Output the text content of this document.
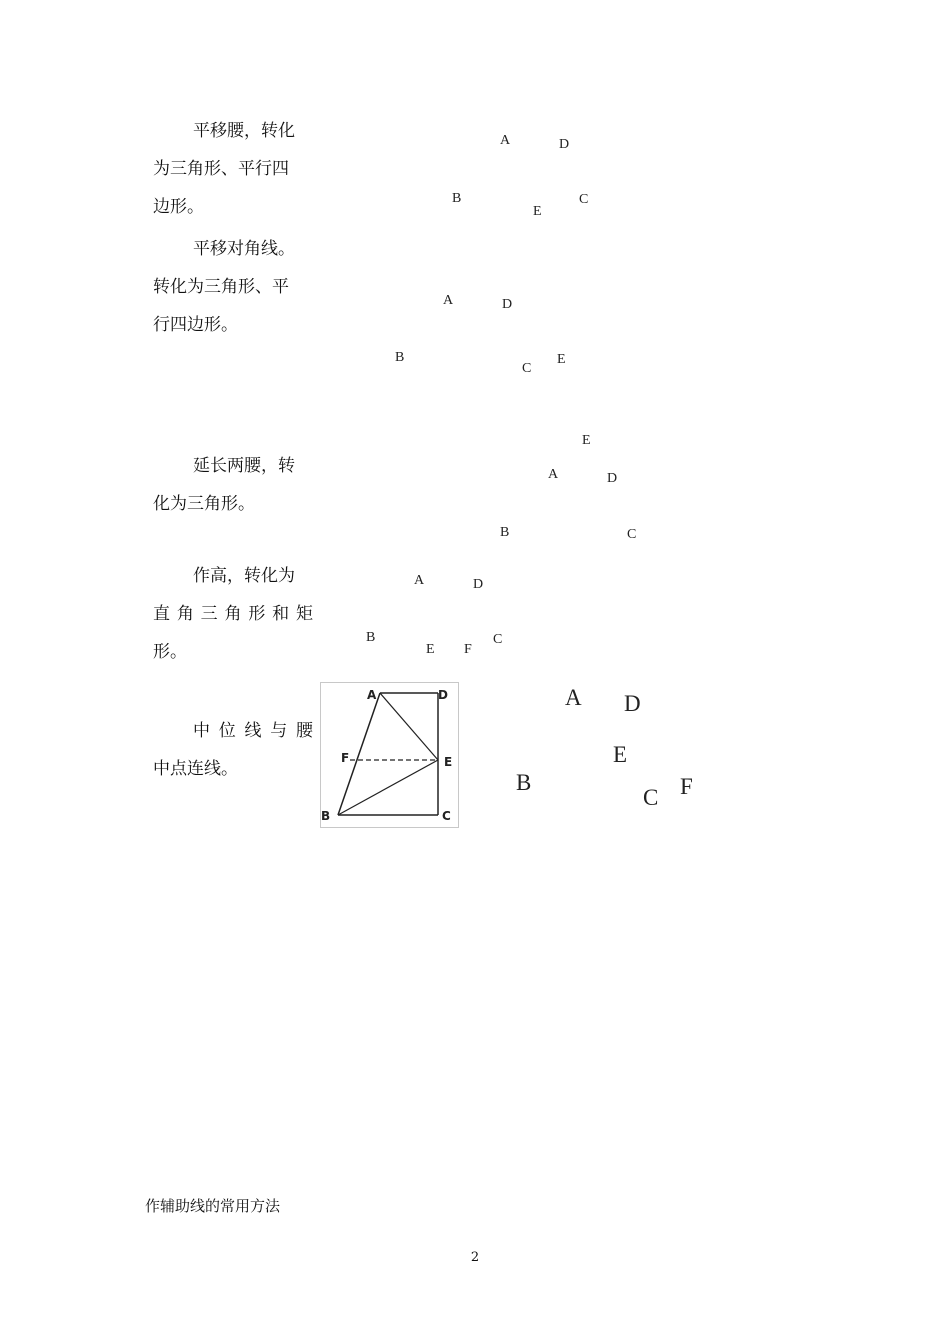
平移腰，转化
为三角形、平行四
边形。
A	D
B
E
C
平移对角线。
转化为三角形、平
行四边形。
A	D
B
C
E
延长两腰，转
化为三角形。
E
A	D
B	C
作高，转化为
直角三角形和矩
形。
A	D
B
E F
C
中位线与腰
中点连线。
A	D
F	E
B	C
A D
E
B
C F
作辅助线的常用方法
2
